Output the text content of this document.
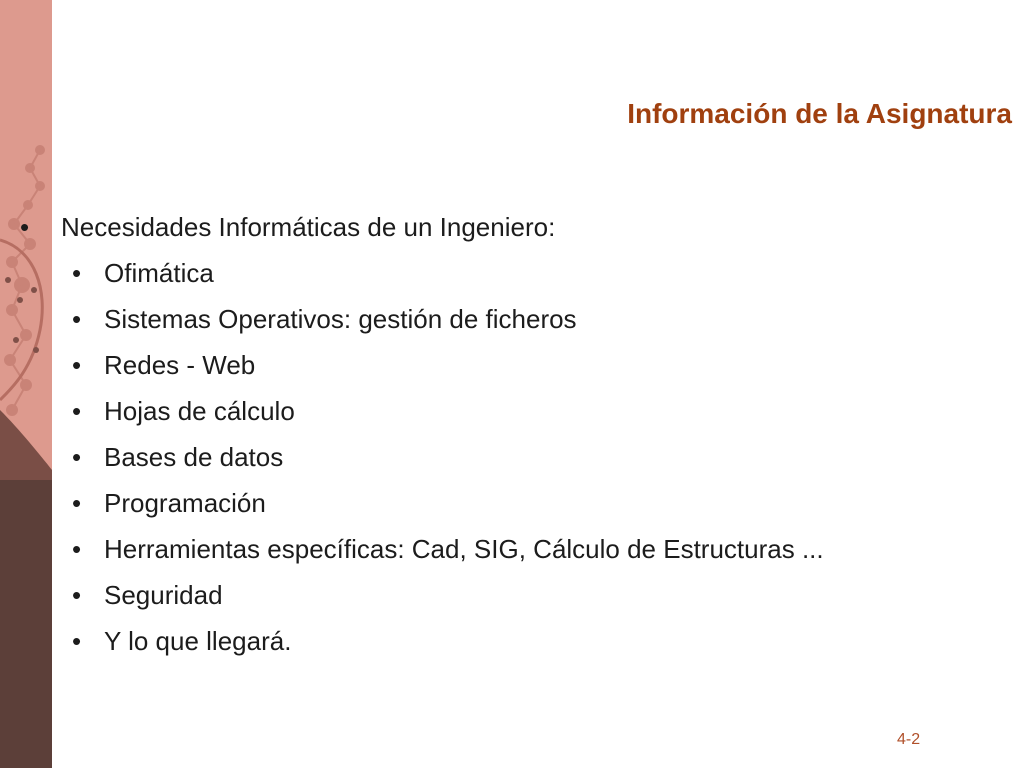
Información de la Asignatura
• Necesidades Informáticas de un Ingeniero:
• Ofimática
• Sistemas Operativos: gestión de ficheros
• Redes - Web
• Hojas de cálculo
• Bases de datos
• Programación
• Herramientas específicas: Cad, SIG, Cálculo de Estructuras ...
• Seguridad
• Y lo que llegará.
4-2
